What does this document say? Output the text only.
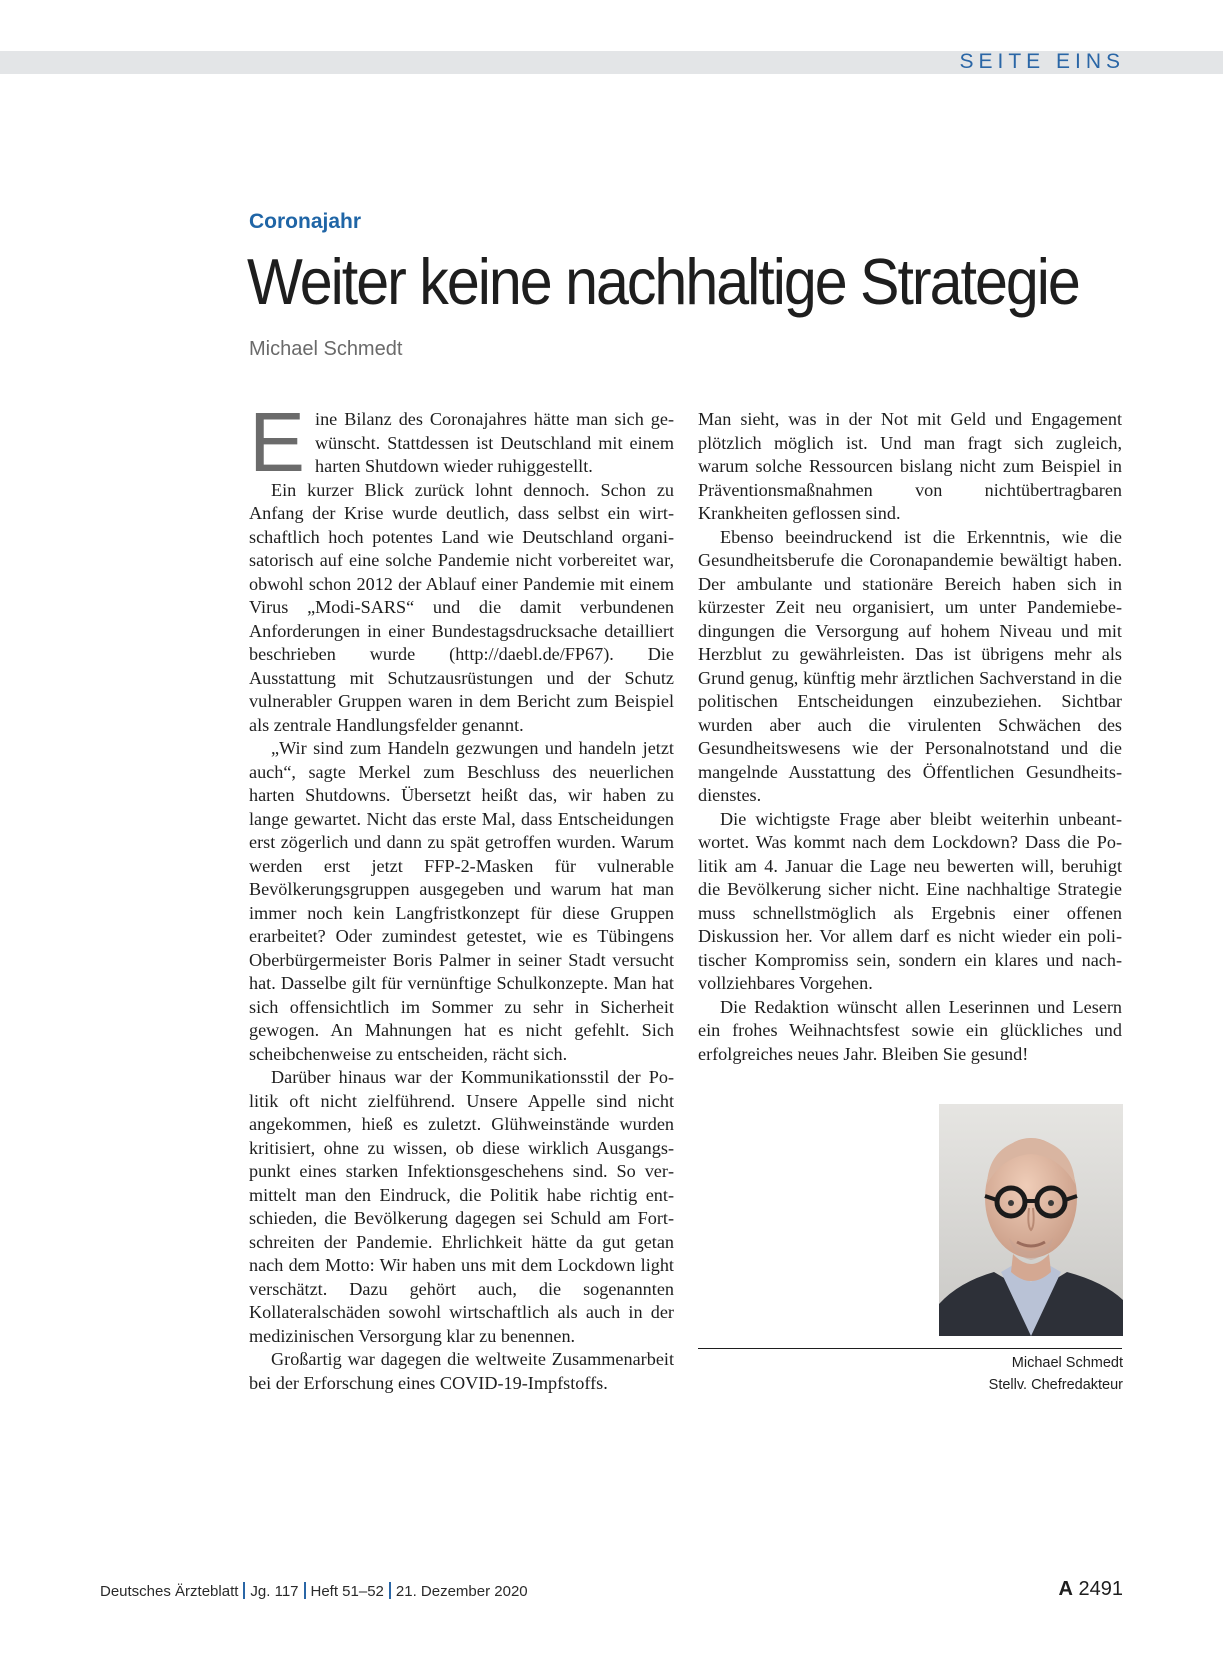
SEITE EINS
Coronajahr
Weiter keine nachhaltige Strategie
Michael Schmedt

Eine Bilanz des Coronajahres hätte man sich gewünscht. Stattdessen ist Deutschland mit einem harten Shutdown wieder ruhiggestellt.

Ein kurzer Blick zurück lohnt dennoch. Schon zu Anfang der Krise wurde deutlich, dass selbst ein wirtschaftlich hoch potentes Land wie Deutschland organisatorisch auf eine solche Pandemie nicht vorbereitet war, obwohl schon 2012 der Ablauf einer Pandemie mit einem Virus „Modi-SARS“ und die damit verbundenen Anforderungen in einer Bundestagsdrucksache detailliert beschrieben wurde (http://daebl.de/FP67). Die Ausstattung mit Schutzausrüstungen und der Schutz vulnerabler Gruppen waren in dem Bericht zum Beispiel als zentrale Handlungsfelder genannt.

„Wir sind zum Handeln gezwungen und handeln jetzt auch“, sagte Merkel zum Beschluss des neuerlichen harten Shutdowns. Übersetzt heißt das, wir haben zu lange gewartet. Nicht das erste Mal, dass Entscheidungen erst zögerlich und dann zu spät getroffen wurden. Warum werden erst jetzt FFP-2-Masken für vulnerable Bevölkerungsgruppen ausgegeben und warum hat man immer noch kein Langfristkonzept für diese Gruppen erarbeitet? Oder zumindest getestet, wie es Tübingens Oberbürgermeister Boris Palmer in seiner Stadt versucht hat. Dasselbe gilt für vernünftige Schulkonzepte. Man hat sich offensichtlich im Sommer zu sehr in Sicherheit gewogen. An Mahnungen hat es nicht gefehlt. Sich scheibchenweise zu entscheiden, rächt sich.

Darüber hinaus war der Kommunikationsstil der Politik oft nicht zielführend. Unsere Appelle sind nicht angekommen, hieß es zuletzt. Glühweinstände wurden kritisiert, ohne zu wissen, ob diese wirklich Ausgangspunkt eines starken Infektionsgeschehens sind. So vermittelt man den Eindruck, die Politik habe richtig entschieden, die Bevölkerung dagegen sei Schuld am Fortschreiten der Pandemie. Ehrlichkeit hätte da gut getan nach dem Motto: Wir haben uns mit dem Lockdown light verschätzt. Dazu gehört auch, die sogenannten Kollateralschäden sowohl wirtschaftlich als auch in der medizinischen Versorgung klar zu benennen.

Großartig war dagegen die weltweite Zusammenarbeit bei der Erforschung eines COVID-19-Impfstoffs.

Man sieht, was in der Not mit Geld und Engagement plötzlich möglich ist. Und man fragt sich zugleich, warum solche Ressourcen bislang nicht zum Beispiel in Präventionsmaßnahmen von nichtübertragbaren Krankheiten geflossen sind.

Ebenso beeindruckend ist die Erkenntnis, wie die Gesundheitsberufe die Coronapandemie bewältigt haben. Der ambulante und stationäre Bereich haben sich in kürzester Zeit neu organisiert, um unter Pandemiebedingungen die Versorgung auf hohem Niveau und mit Herzblut zu gewährleisten. Das ist übrigens mehr als Grund genug, künftig mehr ärztlichen Sachverstand in die politischen Entscheidungen einzubeziehen. Sichtbar wurden aber auch die virulenten Schwächen des Gesundheitswesens wie der Personalnotstand und die mangelnde Ausstattung des Öffentlichen Gesundheitsdienstes.

Die wichtigste Frage aber bleibt weiterhin unbeantwortet. Was kommt nach dem Lockdown? Dass die Politik am 4. Januar die Lage neu bewerten will, beruhigt die Bevölkerung sicher nicht. Eine nachhaltige Strategie muss schnellstmöglich als Ergebnis einer offenen Diskussion her. Vor allem darf es nicht wieder ein politischer Kompromiss sein, sondern ein klares und nachvollziehbares Vorgehen.

Die Redaktion wünscht allen Leserinnen und Lesern ein frohes Weihnachtsfest sowie ein glückliches und erfolgreiches neues Jahr. Bleiben Sie gesund!

Michael Schmedt
Stellv. Chefredakteur
Deutsches Ärzteblatt Jg. 117 Heft 51–52 21. Dezember 2020	A 2491
